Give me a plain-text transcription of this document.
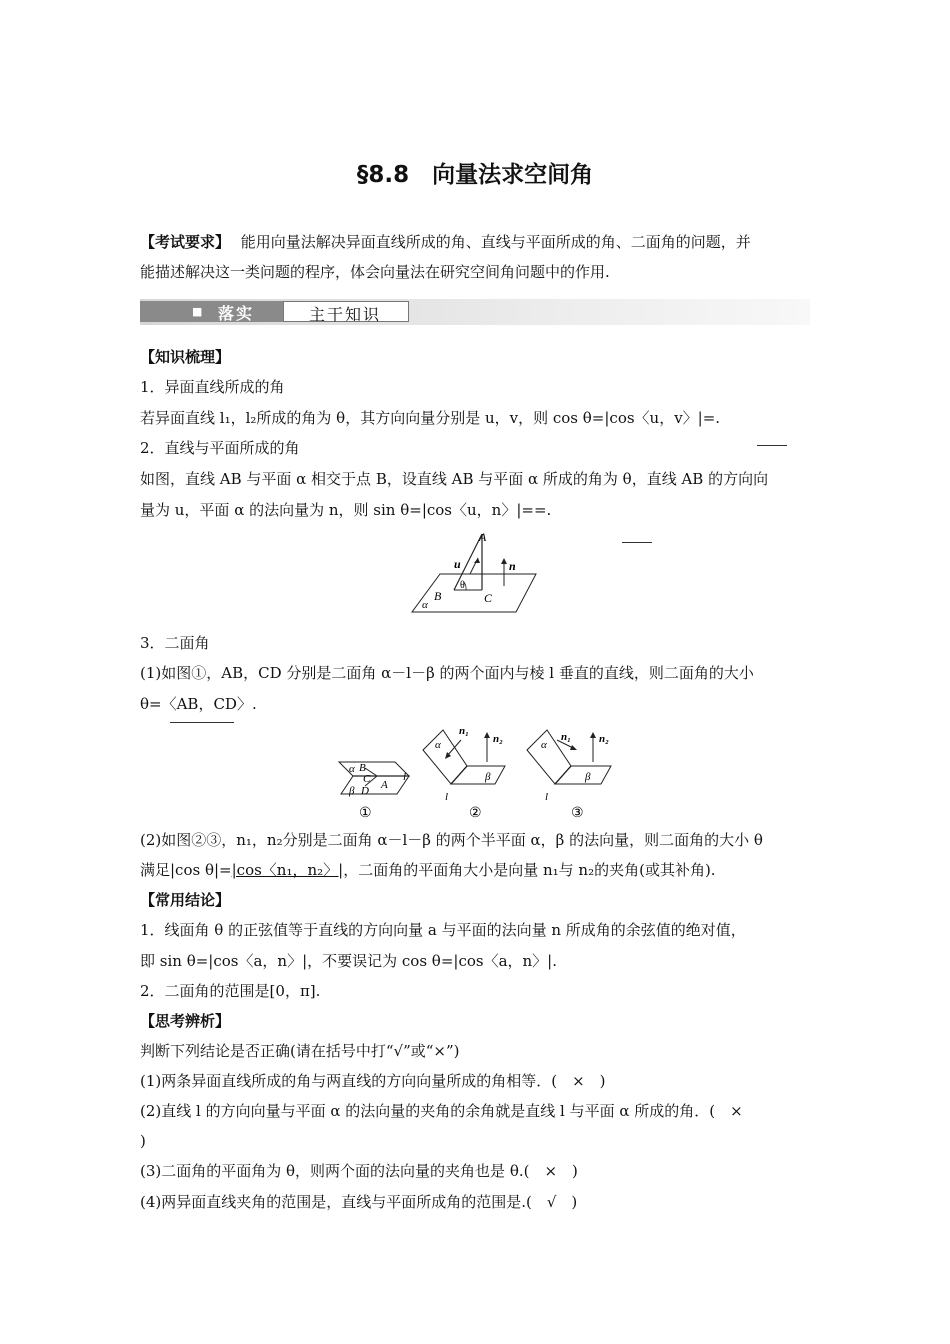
§8.8　向量法求空间角
【考试要求】 能用向量法解决异面直线所成的角、直线与平面所成的角、二面角的问题，并
能描述解决这一类问题的程序，体会向量法在研究空间角问题中的作用.
■ 落实	主干知识
【知识梳理】
1．异面直线所成的角
若异面直线 l₁，l₂所成的角为 θ，其方向向量分别是 u，v，则 cos θ=|cos〈u，v〉|=.
2．直线与平面所成的角
如图，直线 AB 与平面 α 相交于点 B，设直线 AB 与平面 α 所成的角为 θ，直线 AB 的方向向
量为 u，平面 α 的法向量为 n，则 sin θ=|cos〈u，n〉|==.
A
u	n
θ
B	C
α
3．二面角
(1)如图①，AB，CD 分别是二面角 α－l－β 的两个面内与棱 l 垂直的直线，则二面角的大小
θ=〈AB，CD〉.
α B
C A
β D
l
①
n₁
n₂
α
β
l
②
n₁	n₂
α
β
l
③
(2)如图②③，n₁，n₂分别是二面角 α－l－β 的两个半平面 α，β 的法向量，则二面角的大小 θ
满足|cos θ|=|cos〈n₁，n₂〉|，二面角的平面角大小是向量 n₁与 n₂的夹角(或其补角).
【常用结论】
1．线面角 θ 的正弦值等于直线的方向向量 a 与平面的法向量 n 所成角的余弦值的绝对值，
即 sin θ=|cos〈a，n〉|，不要误记为 cos θ=|cos〈a，n〉|.
2．二面角的范围是[0，π].
【思考辨析】
判断下列结论是否正确(请在括号中打“√”或“×”)
(1)两条异面直线所成的角与两直线的方向向量所成的角相等．(　×　)
(2)直线 l 的方向向量与平面 α 的法向量的夹角的余角就是直线 l 与平面 α 所成的角．(　×
)
(3)二面角的平面角为 θ，则两个面的法向量的夹角也是 θ.(　×　)
(4)两异面直线夹角的范围是，直线与平面所成角的范围是.(　√　)
